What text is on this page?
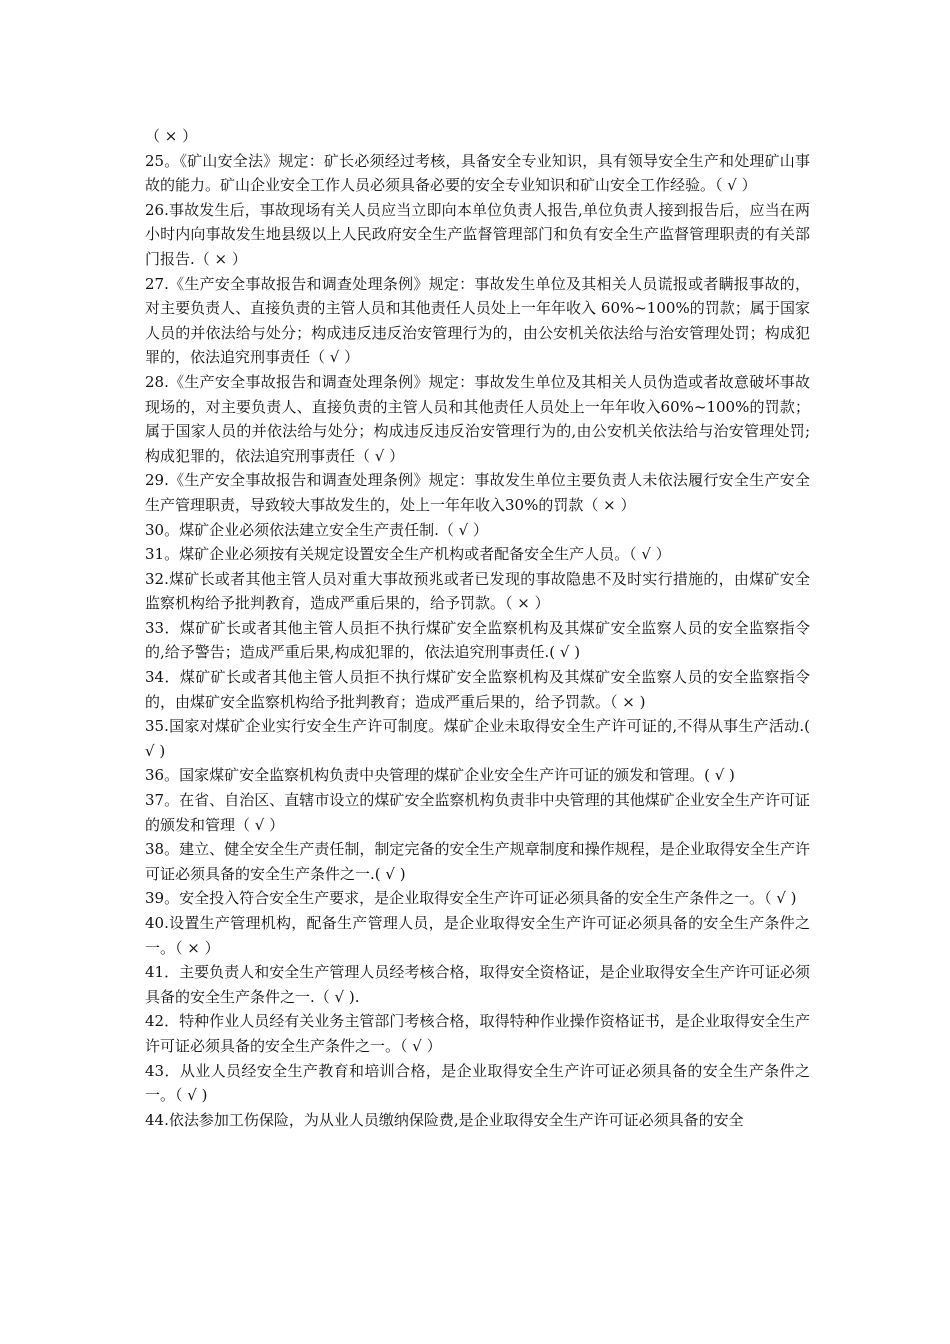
（ × ）

25。《矿山安全法》规定：矿长必须经过考核，具备安全专业知识，具有领导安全生产和处理矿山事故的能力。矿山企业安全工作人员必须具备必要的安全专业知识和矿山安全工作经验。（ √ ）

26.事故发生后，事故现场有关人员应当立即向本单位负责人报告,单位负责人接到报告后，应当在两小时内向事故发生地县级以上人民政府安全生产监督管理部门和负有安全生产监督管理职责的有关部门报告.（ × ）

27.《生产安全事故报告和调查处理条例》规定：事故发生单位及其相关人员谎报或者瞒报事故的，对主要负责人、直接负责的主管人员和其他责任人员处上一年年收入 60%~100%的罚款；属于国家人员的并依法给与处分；构成违反违反治安管理行为的，由公安机关依法给与治安管理处罚；构成犯罪的，依法追究刑事责任（ √ ）

28.《生产安全事故报告和调查处理条例》规定：事故发生单位及其相关人员伪造或者故意破坏事故现场的，对主要负责人、直接负责的主管人员和其他责任人员处上一年年收入60%~100%的罚款；属于国家人员的并依法给与处分；构成违反违反治安管理行为的,由公安机关依法给与治安管理处罚;构成犯罪的，依法追究刑事责任（ √ ）

29.《生产安全事故报告和调查处理条例》规定：事故发生单位主要负责人未依法履行安全生产安全生产管理职责，导致较大事故发生的，处上一年年收入30%的罚款（ × ）

30。煤矿企业必须依法建立安全生产责任制.（ √ ）

31。煤矿企业必须按有关规定设置安全生产机构或者配备安全生产人员。（ √ ）

32.煤矿长或者其他主管人员对重大事故预兆或者已发现的事故隐患不及时实行措施的，由煤矿安全监察机构给予批判教育，造成严重后果的，给予罚款。（ × ）

33．煤矿矿长或者其他主管人员拒不执行煤矿安全监察机构及其煤矿安全监察人员的安全监察指令的,给予警告；造成严重后果,构成犯罪的，依法追究刑事责任.( √ )

34．煤矿矿长或者其他主管人员拒不执行煤矿安全监察机构及其煤矿安全监察人员的安全监察指令的，由煤矿安全监察机构给予批判教育；造成严重后果的，给予罚款。（ × )

35.国家对煤矿企业实行安全生产许可制度。煤矿企业未取得安全生产许可证的,不得从事生产活动.( √ )

36。国家煤矿安全监察机构负责中央管理的煤矿企业安全生产许可证的颁发和管理。( √ )

37。在省、自治区、直辖市设立的煤矿安全监察机构负责非中央管理的其他煤矿企业安全生产许可证的颁发和管理（ √ ）

38。建立、健全安全生产责任制，制定完备的安全生产规章制度和操作规程，是企业取得安全生产许可证必须具备的安全生产条件之一.( √ )

39。安全投入符合安全生产要求，是企业取得安全生产许可证必须具备的安全生产条件之一。（ √ )

40.设置生产管理机构，配备生产管理人员，是企业取得安全生产许可证必须具备的安全生产条件之一。（ × ）

41．主要负责人和安全生产管理人员经考核合格，取得安全资格证，是企业取得安全生产许可证必须具备的安全生产条件之一.（ √ ).

42．特种作业人员经有关业务主管部门考核合格，取得特种作业操作资格证书，是企业取得安全生产许可证必须具备的安全生产条件之一。（ √ ）

43．从业人员经安全生产教育和培训合格，是企业取得安全生产许可证必须具备的安全生产条件之一。（ √ )

44.依法参加工伤保险，为从业人员缴纳保险费,是企业取得安全生产许可证必须具备的安全
